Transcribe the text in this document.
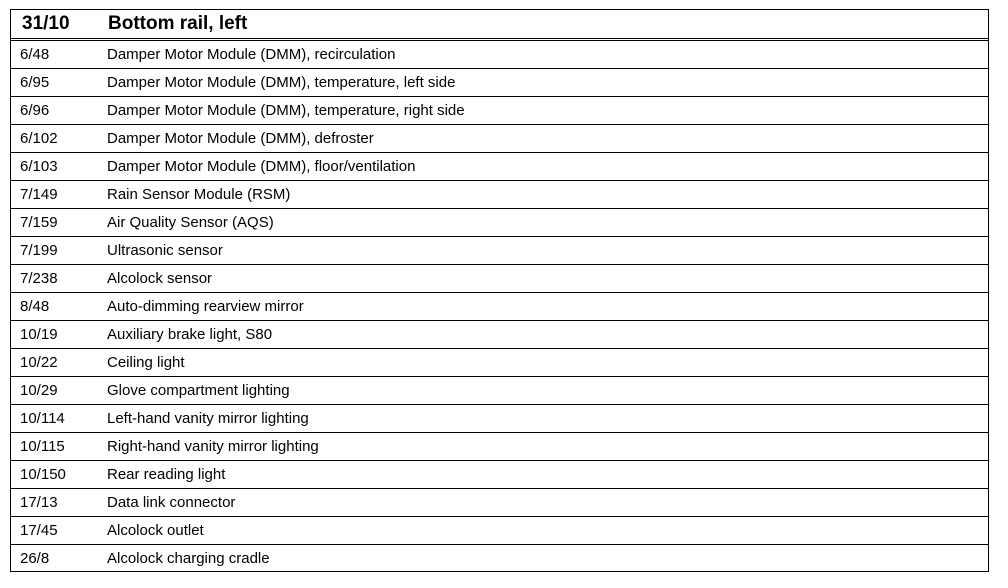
31/10 Bottom rail, left
6/48	Damper Motor Module (DMM), recirculation
6/95	Damper Motor Module (DMM), temperature, left side
6/96	Damper Motor Module (DMM), temperature, right side
6/102	Damper Motor Module (DMM), defroster
6/103	Damper Motor Module (DMM), floor/ventilation
7/149	Rain Sensor Module (RSM)
7/159	Air Quality Sensor (AQS)
7/199	Ultrasonic sensor
7/238	Alcolock sensor
8/48	Auto-dimming rearview mirror
10/19	Auxiliary brake light, S80
10/22	Ceiling light
10/29	Glove compartment lighting
10/114	Left-hand vanity mirror lighting
10/115	Right-hand vanity mirror lighting
10/150	Rear reading light
17/13	Data link connector
17/45	Alcolock outlet
26/8	Alcolock charging cradle
